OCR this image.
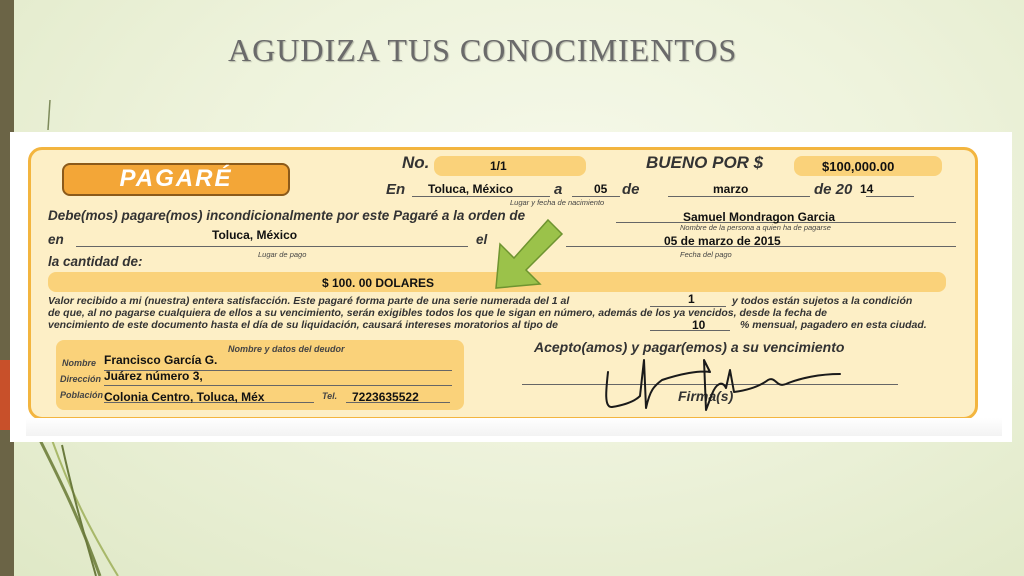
AGUDIZA TUS CONOCIMIENTOS
PAGARÉ
No.	1/1	BUENO POR $	$100,000.00
En Toluca, México	a	05 de	marzo	de 20 14
Lugar y fecha de nacimiento
Debe(mos) pagare(mos) incondicionalmente por este Pagaré a la orden de	Samuel Mondragon Garcia
Nombre de la persona a quien ha de pagarse
en	Toluca, México
Lugar de pago
el	05 de marzo de 2015
Fecha del pago
la cantidad de:
$ 100. 00 DOLARES
Valor recibido a mi (nuestra) entera satisfacción. Este pagaré forma parte de una serie numerada del 1 al	1	y todos están sujetos a la condición
de que, al no pagarse cualquiera de ellos a su vencimiento, serán exigibles todos los que le sigan en número, además de los ya vencidos, desde la fecha de
vencimiento de este documento hasta el día de su liquidación, causará intereses moratorios al tipo de	10	% mensual, pagadero en esta ciudad.
Nombre y datos del deudor
Nombre Francisco García G.
Dirección Juárez número 3,
Población Colonia Centro, Toluca, Méx	Tel. 7223635522
Acepto(amos) y pagar(emos) a su vencimiento
Firma(s)
